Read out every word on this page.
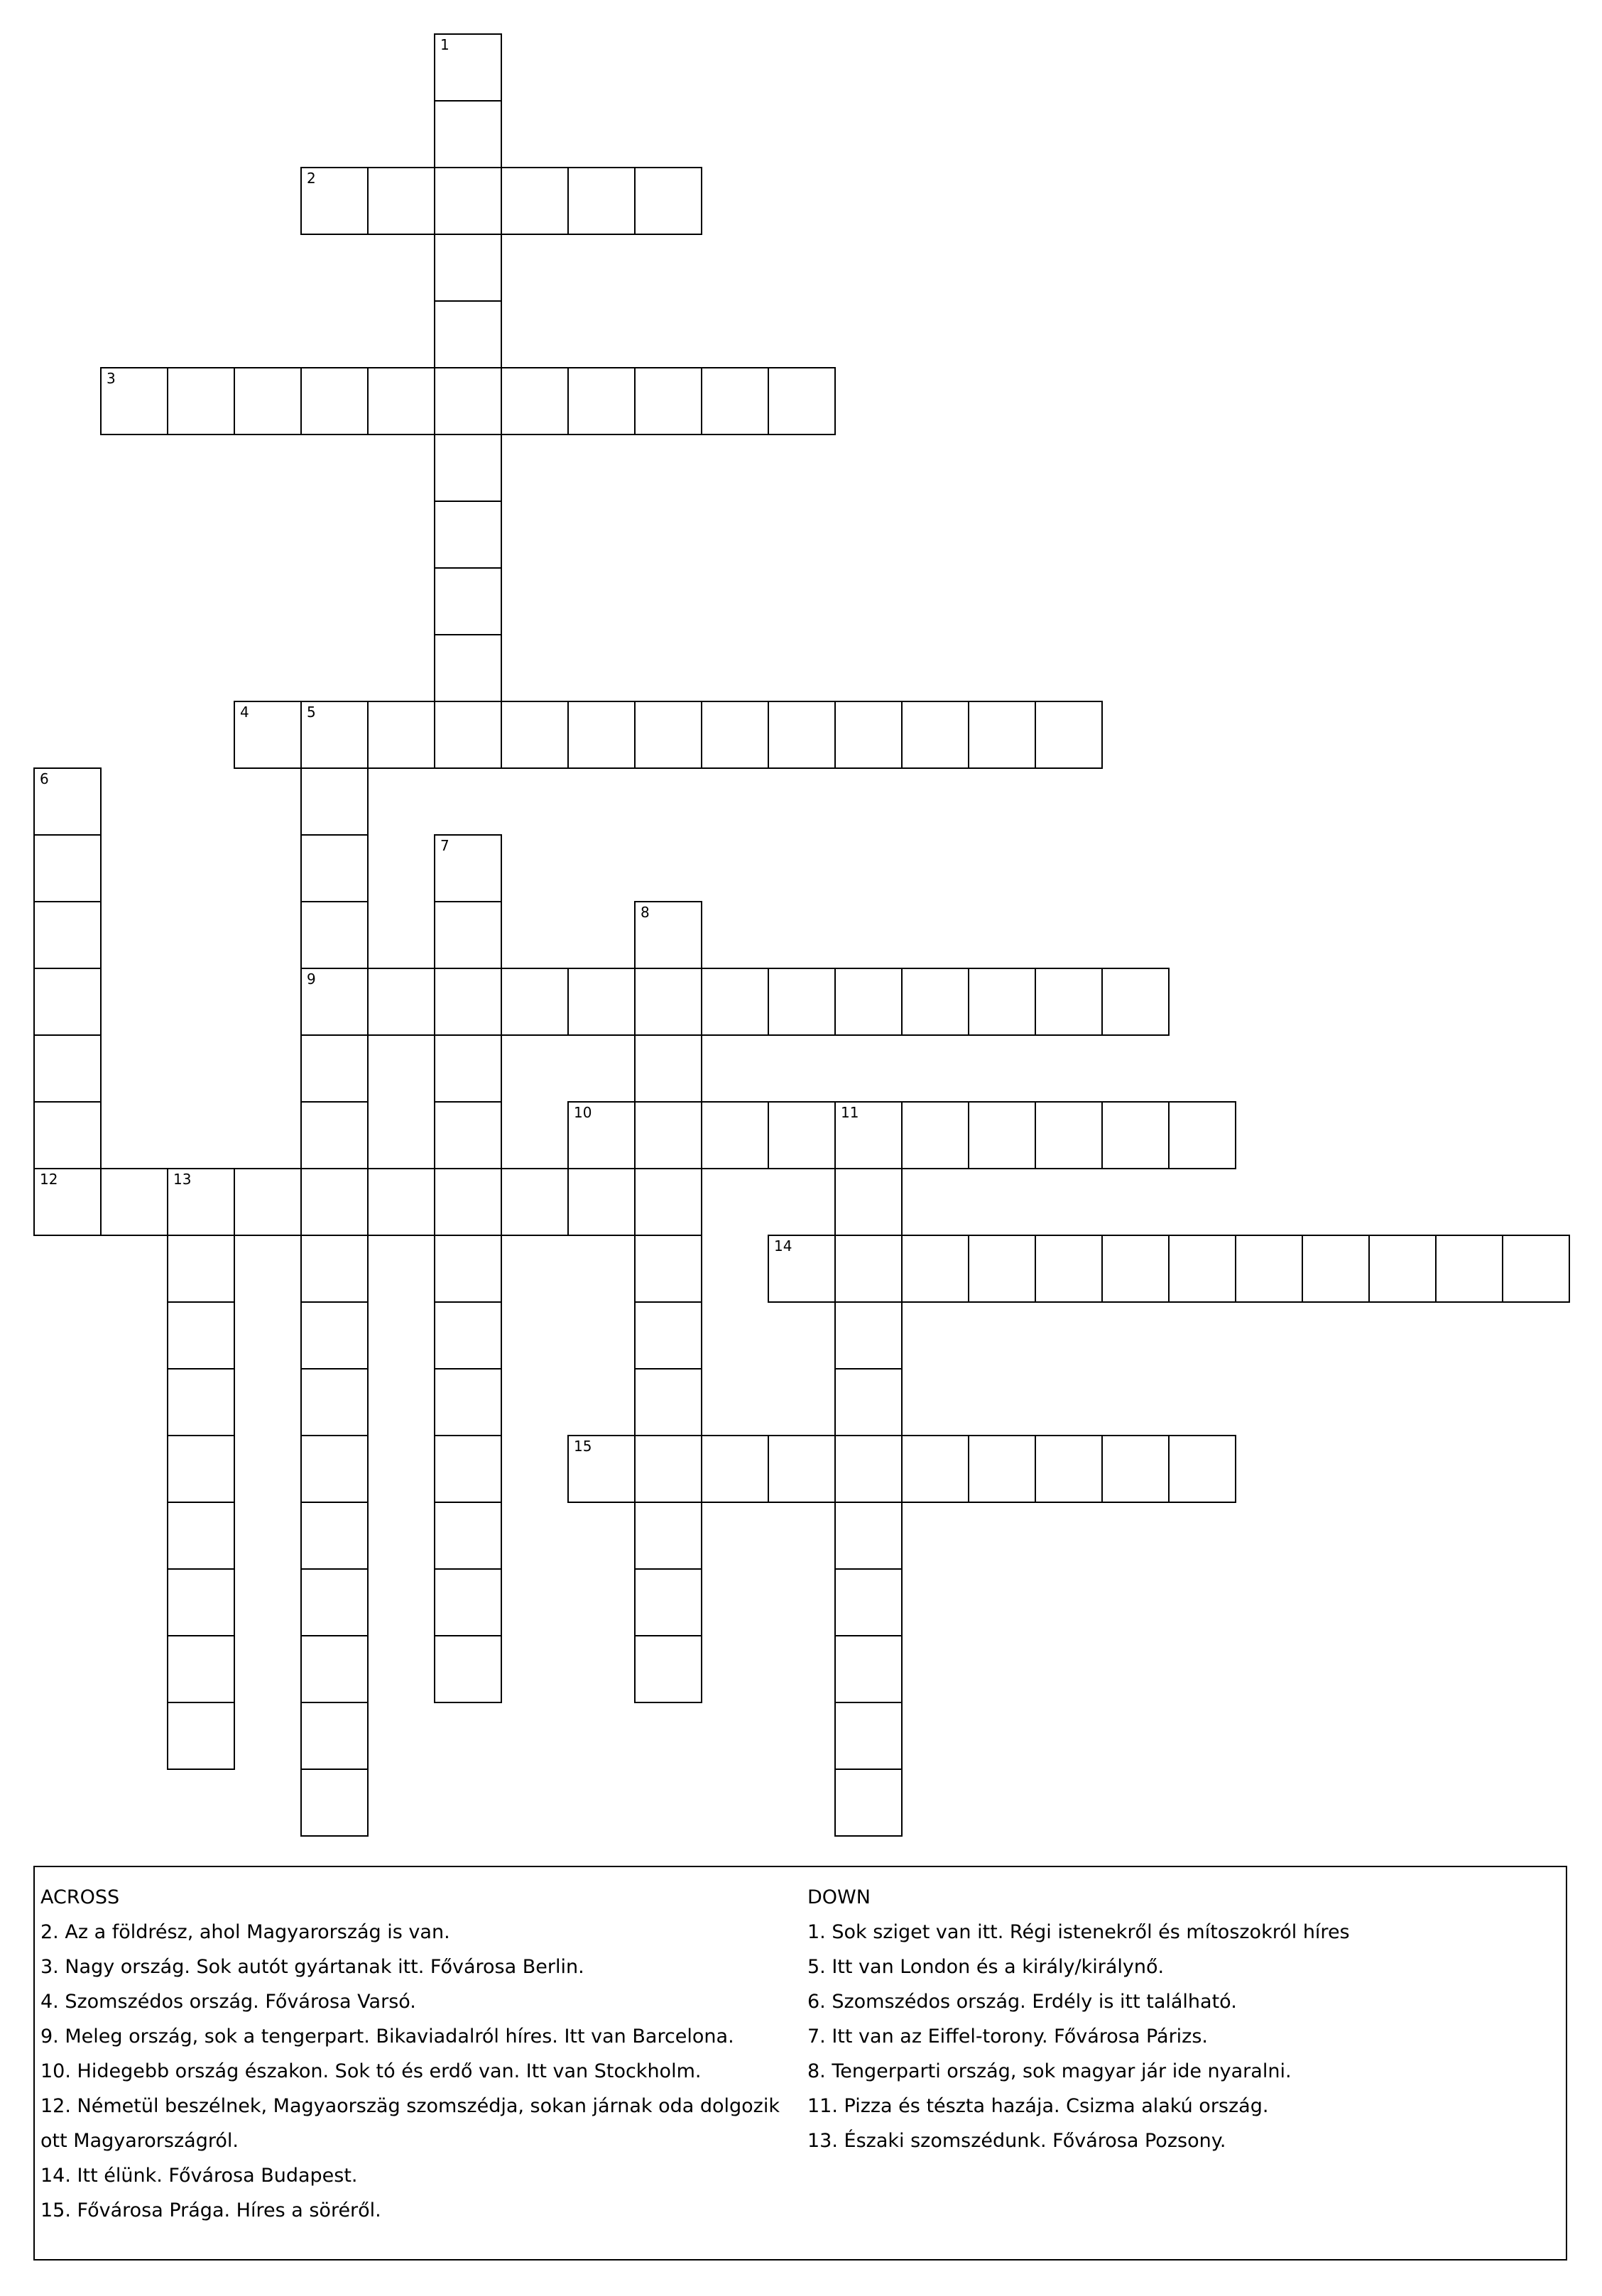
1
2
3
4	5
9
6
7
8
10	11
12	13
14
15

ACROSS

2. Az a földrész, ahol Magyarország is van.

3. Nagy ország. Sok autót gyártanak itt. Fővárosa Berlin.

4. Szomszédos ország. Fővárosa Varsó.

9. Meleg ország, sok a tengerpart. Bikaviadalról híres. Itt van Barcelona.

10. Hidegebb ország északon. Sok tó és erdő van. Itt van Stockholm.

12. Németül beszélnek, Magyaorszäg szomszédja, sokan járnak oda dolgozik ott Magyarországról.

14. Itt élünk. Fővárosa Budapest.

15. Fővárosa Prága. Híres a söréről.

DOWN

1. Sok sziget van itt. Régi istenekről és mítoszokról híres

5. Itt van London és a király/királynő.

6. Szomszédos ország. Erdély is itt található.

7. Itt van az Eiffel-torony. Fővárosa Párizs.

8. Tengerparti ország, sok magyar jár ide nyaralni.

11. Pizza és tészta hazája. Csizma alakú ország.

13. Északi szomszédunk. Fővárosa Pozsony.
